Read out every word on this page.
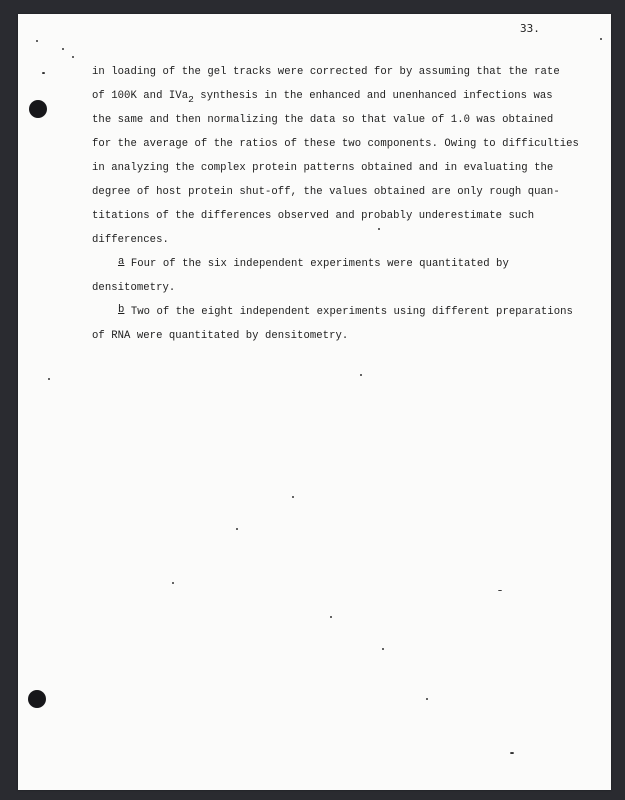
33.
in loading of the gel tracks were corrected for by assuming that the rate
of 100K and IVa2 synthesis in the enhanced and unenhanced infections was
the same and then normalizing the data so that value of 1.0 was obtained
for the average of the ratios of these two components. Owing to difficulties
in analyzing the complex protein patterns obtained and in evaluating the
degree of host protein shut-off, the values obtained are only rough quan-
titations of the differences observed and probably underestimate such
differences.
a Four of the six independent experiments were quantitated by
densitometry.
b Two of the eight independent experiments using different preparations
of RNA were quantitated by densitometry.
